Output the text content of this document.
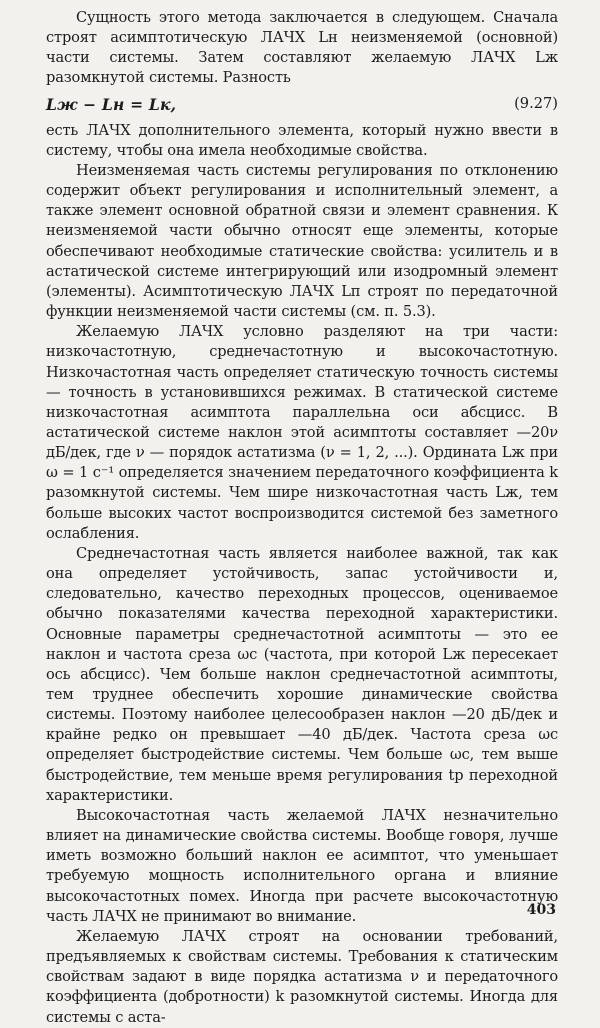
Сущность этого метода заключается в следующем. Сначала строят асимптотическую ЛАЧХ Lн неизменяемой (основной) части системы. Затем составляют желаемую ЛАЧХ Lж разомкнутой системы. Разность

Lж − Lн = Lк,	(9.27)

есть ЛАЧХ дополнительного элемента, который нужно ввести в систему, чтобы она имела необходимые свойства.

Неизменяемая часть системы регулирования по отклонению содержит объект регулирования и исполнительный элемент, а также элемент основной обратной связи и элемент сравнения. К неизменяемой части обычно относят еще элементы, которые обеспечивают необходимые статические свойства: усилитель и в астатической системе интегрирующий или изодромный элемент (элементы). Асимптотическую ЛАЧХ Lп строят по передаточной функции неизменяемой части системы (см. п. 5.3).

Желаемую ЛАЧХ условно разделяют на три части: низкочастотную, среднечастотную и высокочастотную. Низкочастотная часть определяет статическую точность системы — точность в установившихся режимах. В статической системе низкочастотная асимптота параллельна оси абсцисс. В астатической системе наклон этой асимптоты составляет —20ν дБ/дек, где ν — порядок астатизма (ν = 1, 2, ...). Ордината Lж при ω = 1 с⁻¹ определяется значением передаточного коэффициента k разомкнутой системы. Чем шире низкочастотная часть Lж, тем больше высоких частот воспроизводится системой без заметного ослабления.

Среднечастотная часть является наиболее важной, так как она определяет устойчивость, запас устойчивости и, следовательно, качество переходных процессов, оцениваемое обычно показателями качества переходной характеристики. Основные параметры среднечастотной асимптоты — это ее наклон и частота среза ωс (частота, при которой Lж пересекает ось абсцисс). Чем больше наклон среднечастотной асимптоты, тем труднее обеспечить хорошие динамические свойства системы. Поэтому наиболее целесообразен наклон —20 дБ/дек и крайне редко он превышает —40 дБ/дек. Частота среза ωс определяет быстродействие системы. Чем больше ωс, тем выше быстродействие, тем меньше время регулирования tр переходной характеристики.

Высокочастотная часть желаемой ЛАЧХ незначительно влияет на динамические свойства системы. Вообще говоря, лучше иметь возможно больший наклон ее асимптот, что уменьшает требуемую мощность исполнительного органа и влияние высокочастотных помех. Иногда при расчете высокочастотную часть ЛАЧХ не принимают во внимание.

Желаемую ЛАЧХ строят на основании требований, предъявляемых к свойствам системы. Требования к статическим свойствам задают в виде порядка астатизма ν и передаточного коэффициента (добротности) k разомкнутой системы. Иногда для системы с аста-

403
